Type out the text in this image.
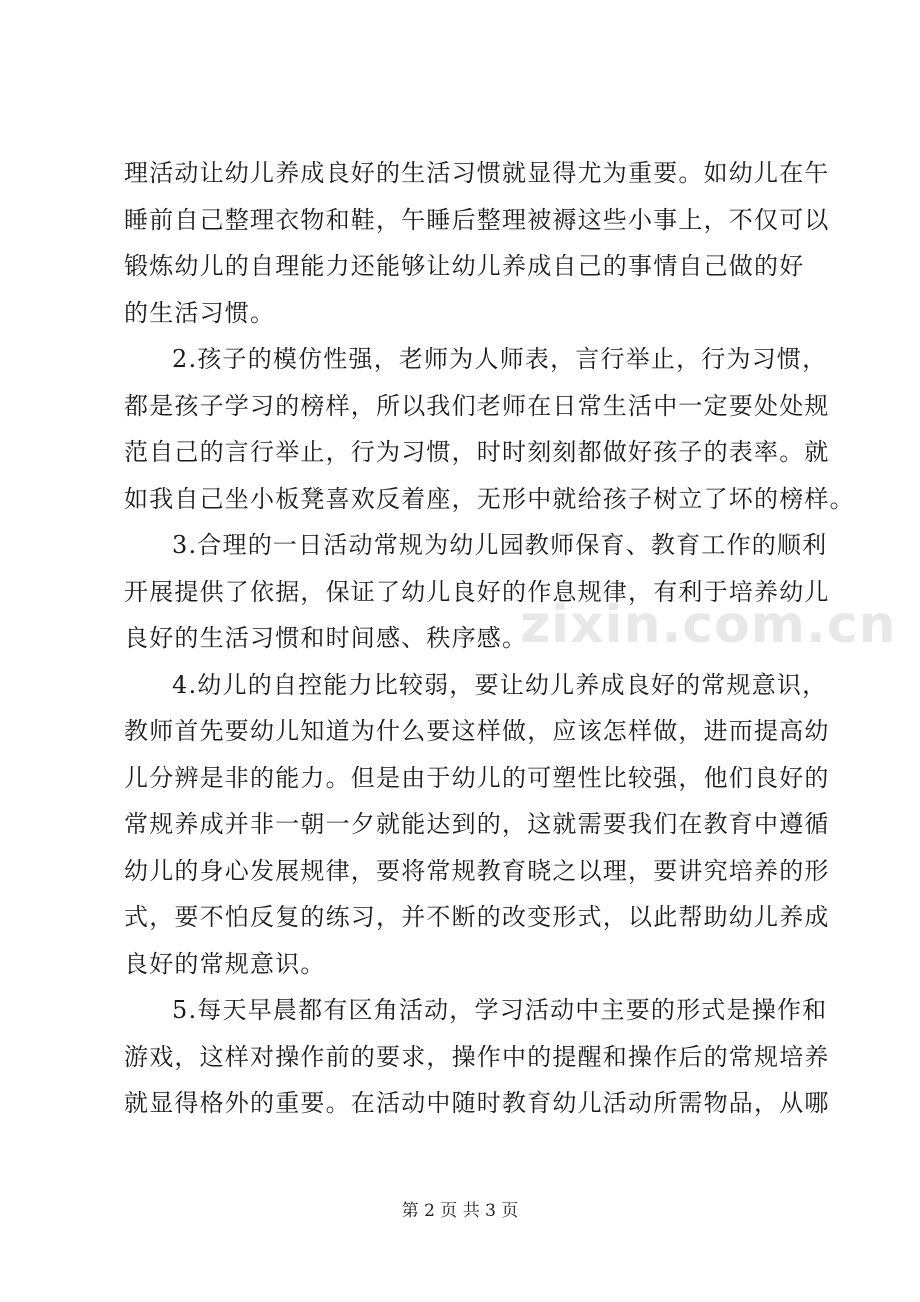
理活动让幼儿养成良好的生活习惯就显得尤为重要。如幼儿在午
睡前自己整理衣物和鞋，午睡后整理被褥这些小事上，不仅可以
锻炼幼儿的自理能力还能够让幼儿养成自己的事情自己做的好
的生活习惯。
2.孩子的模仿性强，老师为人师表，言行举止，行为习惯，
都是孩子学习的榜样，所以我们老师在日常生活中一定要处处规
范自己的言行举止，行为习惯，时时刻刻都做好孩子的表率。就
如我自己坐小板凳喜欢反着座，无形中就给孩子树立了坏的榜样。
3.合理的一日活动常规为幼儿园教师保育、教育工作的顺利
开展提供了依据，保证了幼儿良好的作息规律，有利于培养幼儿
良好的生活习惯和时间感、秩序感。
4.幼儿的自控能力比较弱，要让幼儿养成良好的常规意识，
教师首先要幼儿知道为什么要这样做，应该怎样做，进而提高幼
儿分辨是非的能力。但是由于幼儿的可塑性比较强，他们良好的
常规养成并非一朝一夕就能达到的，这就需要我们在教育中遵循
幼儿的身心发展规律，要将常规教育晓之以理，要讲究培养的形
式，要不怕反复的练习，并不断的改变形式，以此帮助幼儿养成
良好的常规意识。
5.每天早晨都有区角活动，学习活动中主要的形式是操作和
游戏，这样对操作前的要求，操作中的提醒和操作后的常规培养
就显得格外的重要。在活动中随时教育幼儿活动所需物品，从哪
zixin.com.cn
第 2 页 共 3 页
